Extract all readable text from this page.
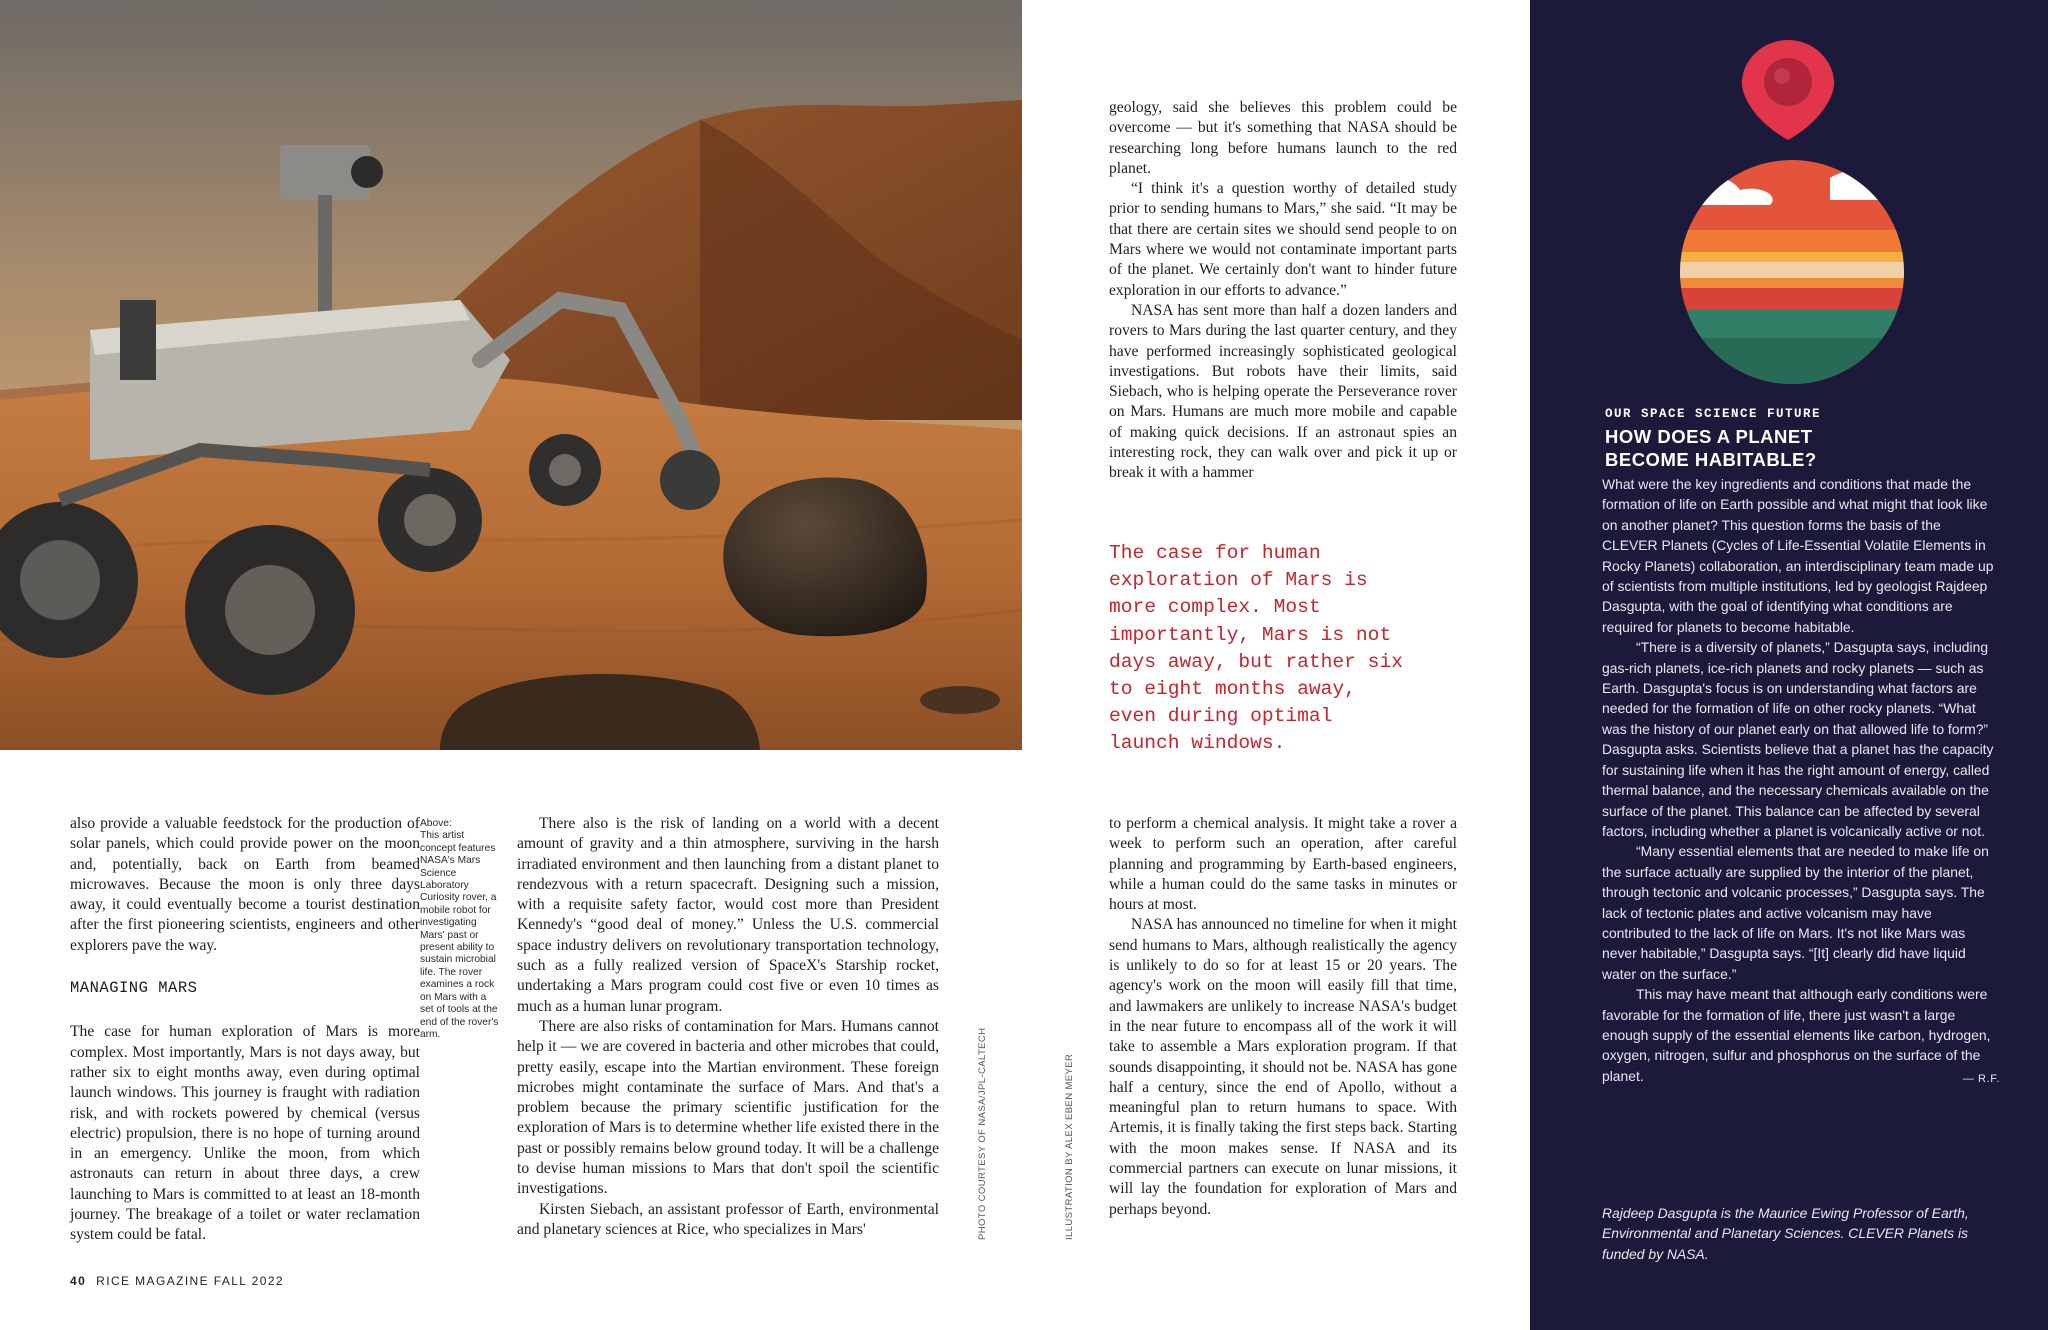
also provide a valuable feedstock for the production of solar panels, which could provide power on the moon and, potentially, back on Earth from beamed microwaves. Because the moon is only three days away, it could eventually become a tourist destination after the first pioneering scientists, engineers and other explorers pave the way.

MANAGING MARS

The case for human exploration of Mars is more complex. Most importantly, Mars is not days away, but rather six to eight months away, even during optimal launch windows. This journey is fraught with radiation risk, and with rockets powered by chemical (versus electric) propulsion, there is no hope of turning around in an emergency. Unlike the moon, from which astronauts can return in about three days, a crew launching to Mars is committed to at least an 18-month journey. The breakage of a toilet or water reclamation system could be fatal.

Above:
This artist concept features NASA's Mars Science Laboratory Curiosity rover, a mobile robot for investigating Mars' past or present ability to sustain microbial life. The rover examines a rock on Mars with a set of tools at the end of the rover's arm.

There also is the risk of landing on a world with a decent amount of gravity and a thin atmosphere, surviving in the harsh irradiated environment and then launching from a distant planet to rendezvous with a return spacecraft. Designing such a mission, with a requisite safety factor, would cost more than President Kennedy's “good deal of money.” Unless the U.S. commercial space industry delivers on revolutionary transportation technology, such as a fully realized version of SpaceX's Starship rocket, undertaking a Mars program could cost five or even 10 times as much as a human lunar program.

There are also risks of contamination for Mars. Humans cannot help it — we are covered in bacteria and other microbes that could, pretty easily, escape into the Martian environment. These foreign microbes might contaminate the surface of Mars. And that's a problem because the primary scientific justification for the exploration of Mars is to determine whether life existed there in the past or possibly remains below ground today. It will be a challenge to devise human missions to Mars that don't spoil the scientific investigations.

Kirsten Siebach, an assistant professor of Earth, environmental and planetary sciences at Rice, who specializes in Mars'	PHOTO COURTESY OF NASA/JPL-CALTECH	ILLUSTRATION BY ALEX EBEN MEYER

geology, said she believes this problem could be overcome — but it's something that NASA should be researching long before humans launch to the red planet.

“I think it's a question worthy of detailed study prior to sending humans to Mars,” she said. “It may be that there are certain sites we should send people to on Mars where we would not contaminate important parts of the planet. We certainly don't want to hinder future exploration in our efforts to advance.”

NASA has sent more than half a dozen landers and rovers to Mars during the last quarter century, and they have performed increasingly sophisticated geological investigations. But robots have their limits, said Siebach, who is helping operate the Perseverance rover on Mars. Humans are much more mobile and capable of making quick decisions. If an astronaut spies an interesting rock, they can walk over and pick it up or break it with a hammer

The case for human exploration of Mars is more complex. Most importantly, Mars is not days away, but rather six to eight months away, even during optimal launch windows.

to perform a chemical analysis. It might take a rover a week to perform such an operation, after careful planning and programming by Earth-based engineers, while a human could do the same tasks in minutes or hours at most.

NASA has announced no timeline for when it might send humans to Mars, although realistically the agency is unlikely to do so for at least 15 or 20 years. The agency's work on the moon will easily fill that time, and lawmakers are unlikely to increase NASA's budget in the near future to encompass all of the work it will take to assemble a Mars exploration program. If that sounds disappointing, it should not be. NASA has gone half a century, since the end of Apollo, without a meaningful plan to return humans to space. With Artemis, it is finally taking the first steps back. Starting with the moon makes sense. If NASA and its commercial partners can execute on lunar missions, it will lay the foundation for exploration of Mars and perhaps beyond.

40 RICE MAGAZINE FALL 2022
OUR SPACE SCIENCE FUTURE
HOW DOES A PLANET
BECOME HABITABLE?

What were the key ingredients and conditions that made the formation of life on Earth possible and what might that look like on another planet? This question forms the basis of the CLEVER Planets (Cycles of Life-Essential Volatile Elements in Rocky Planets) collaboration, an interdisciplinary team made up of scientists from multiple institutions, led by geologist Rajdeep Dasgupta, with the goal of identifying what conditions are required for planets to become habitable.

“There is a diversity of planets,” Dasgupta says, including gas-rich planets, ice-rich planets and rocky planets — such as Earth. Dasgupta's focus is on understanding what factors are needed for the formation of life on other rocky planets. “What was the history of our planet early on that allowed life to form?” Dasgupta asks. Scientists believe that a planet has the capacity for sustaining life when it has the right amount of energy, called thermal balance, and the necessary chemicals available on the surface of the planet. This balance can be affected by several factors, including whether a planet is volcanically active or not.

“Many essential elements that are needed to make life on the surface actually are supplied by the interior of the planet, through tectonic and volcanic processes,” Dasgupta says. The lack of tectonic plates and active volcanism may have contributed to the lack of life on Mars. It's not like Mars was never habitable,” Dasgupta says. “[It] clearly did have liquid water on the surface.”

This may have meant that although early conditions were favorable for the formation of life, there just wasn't a large enough supply of the essential elements like carbon, hydrogen, oxygen, nitrogen, sulfur and phosphorus on the surface of the planet.	— R.F.

Rajdeep Dasgupta is the Maurice Ewing Professor of Earth, Environmental and Planetary Sciences. CLEVER Planets is funded by NASA.
